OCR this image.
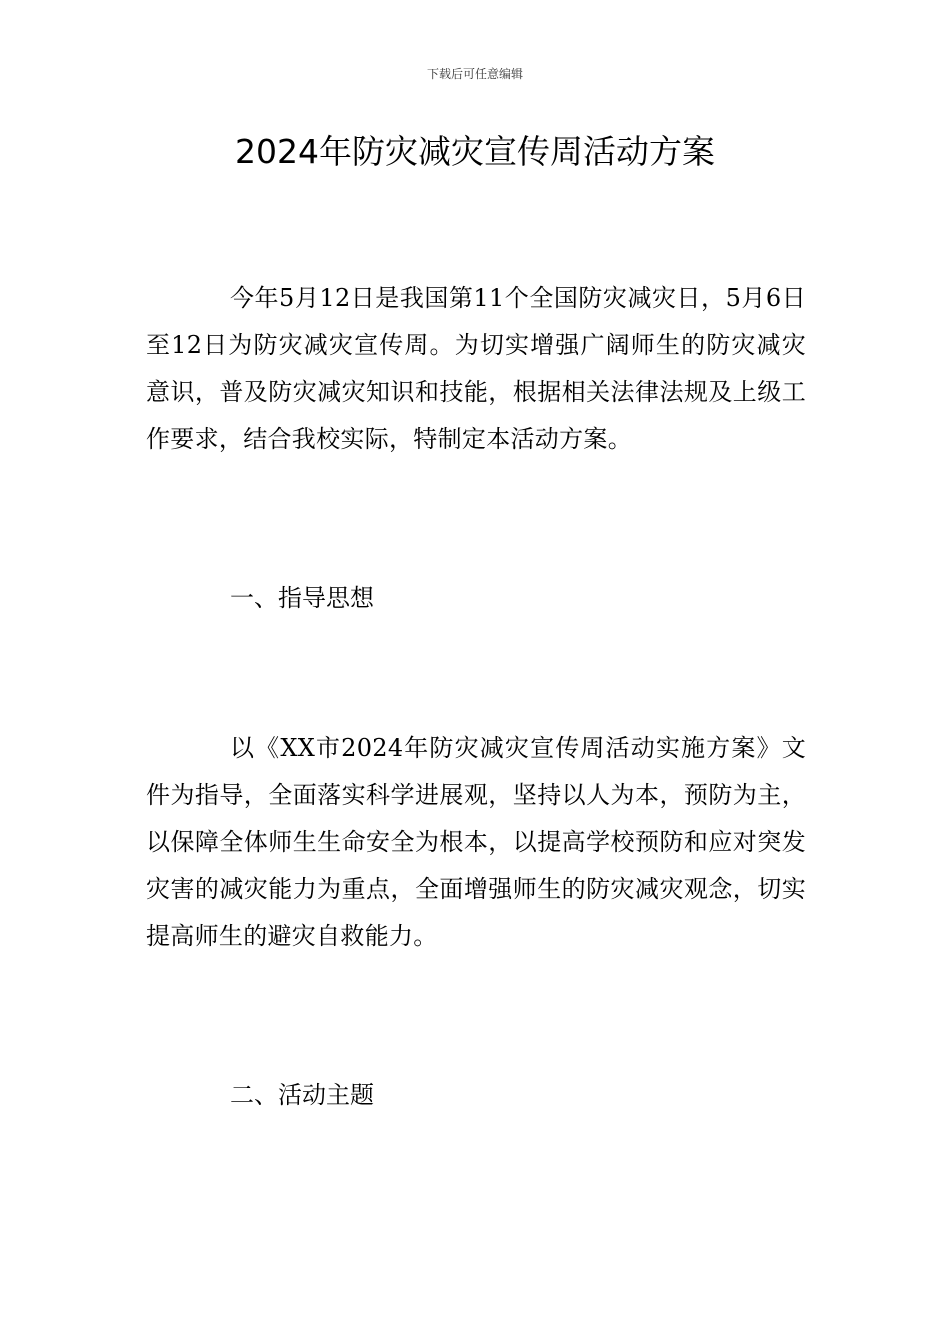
下载后可任意编辑
2024年防灾减灾宣传周活动方案

今年5月12日是我国第11个全国防灾减灾日，5月6日至12日为防灾减灾宣传周。为切实增强广阔师生的防灾减灾意识，普及防灾减灾知识和技能，根据相关法律法规及上级工作要求，结合我校实际，特制定本活动方案。

一、指导思想

以《XX市2024年防灾减灾宣传周活动实施方案》文件为指导，全面落实科学进展观，坚持以人为本，预防为主，以保障全体师生生命安全为根本，以提高学校预防和应对突发灾害的减灾能力为重点，全面增强师生的防灾减灾观念，切实提高师生的避灾自救能力。

二、活动主题
